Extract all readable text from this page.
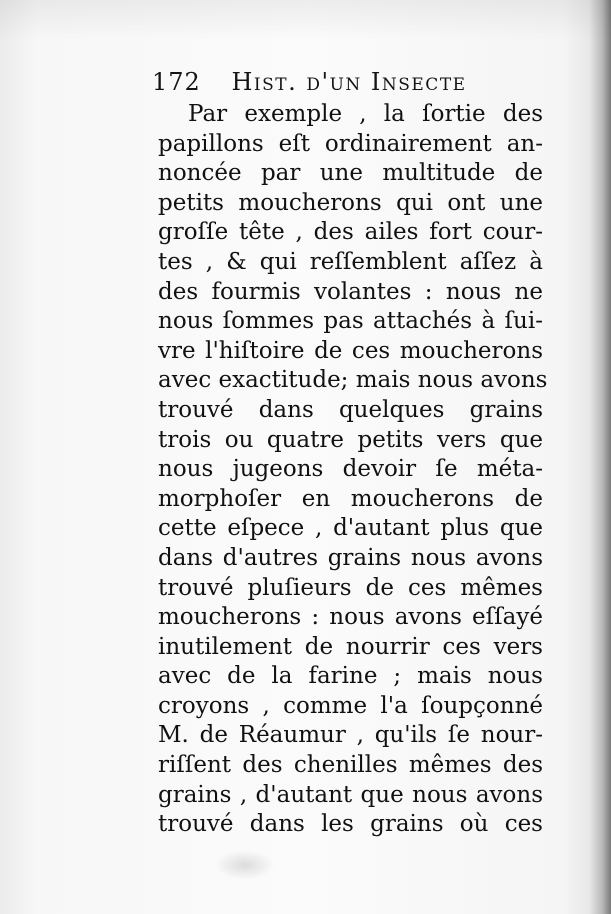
172 Hist. d'un Insecte
Par exemple , la ſortie des
papillons eſt ordinairement an-
noncée par une multitude de
petits moucherons qui ont une
groſſe tête , des ailes fort cour-
tes , & qui reſſemblent aſſez à
des fourmis volantes : nous ne
nous ſommes pas attachés à ſui-
vre l'hiſtoire de ces moucherons
avec exactitude; mais nous avons
trouvé dans quelques grains
trois ou quatre petits vers que
nous jugeons devoir ſe méta-
morphoſer en moucherons de
cette eſpece , d'autant plus que
dans d'autres grains nous avons
trouvé pluſieurs de ces mêmes
moucherons : nous avons eſſayé
inutilement de nourrir ces vers
avec de la farine ; mais nous
croyons , comme l'a ſoupçonné
M. de Réaumur , qu'ils ſe nour-
riſſent des chenilles mêmes des
grains , d'autant que nous avons
trouvé dans les grains où ces
